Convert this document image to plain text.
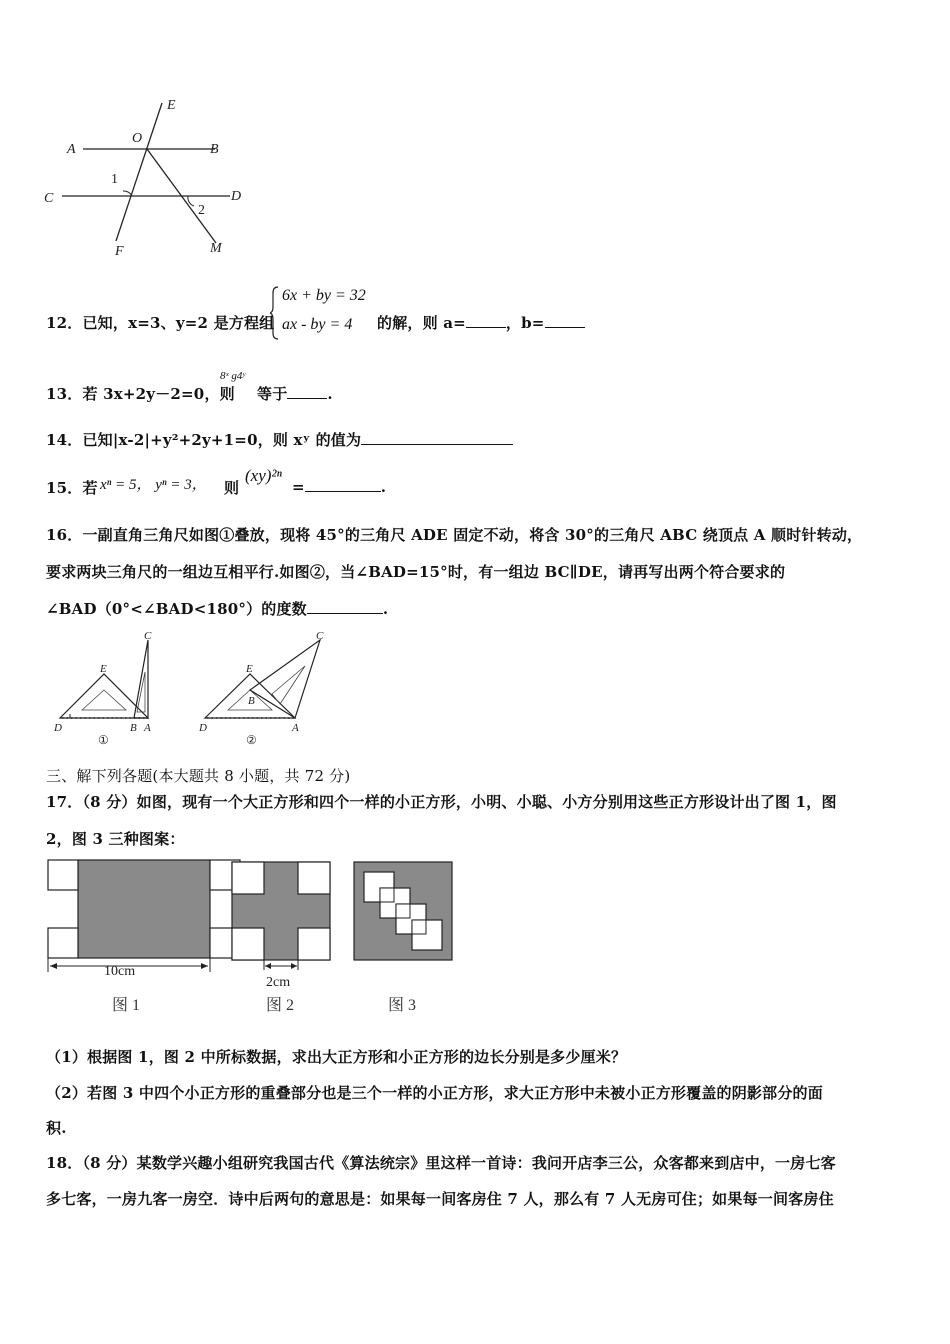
E
O
A	B
C	D
1
2
F	M
12．已知，x=3、y=2 是方程组
6x + by = 32
ax - by = 4 的解，则 a=	，b=
13．若 3x+2y－2=0，则
8ˣ g4ʸ
等于	.
14．已知|x-2|+y²+2y+1=0，则 xʸ 的值为
15．若 xⁿ = 5， yⁿ = 3， 则
(xy)²ⁿ
=	.
16．一副直角三角尺如图①叠放，现将 45°的三角尺 ADE 固定不动，将含 30°的三角尺 ABC 绕顶点 A 顺时针转动，
要求两块三角尺的一组边互相平行.如图②，当∠BAD=15°时，有一组边 BC∥DE，请再写出两个符合要求的
∠BAD（0°<∠BAD<180°）的度数	.
C
E
B
D	A
①
C
E
B
D	A
②
三、解下列各题(本大题共 8 小题，共 72 分)
17．（8 分）如图，现有一个大正方形和四个一样的小正方形，小明、小聪、小方分别用这些正方形设计出了图 1，图
2，图 3 三种图案：
10cm
图 1
2cm
图 2	图 3
（1）根据图 1，图 2 中所标数据，求出大正方形和小正方形的边长分别是多少厘米？
（2）若图 3 中四个小正方形的重叠部分也是三个一样的小正方形，求大正方形中未被小正方形覆盖的阴影部分的面
积.
18．（8 分）某数学兴趣小组研究我国古代《算法统宗》里这样一首诗：我问开店李三公，众客都来到店中，一房七客
多七客，一房九客一房空．诗中后两句的意思是：如果每一间客房住 7 人，那么有 7 人无房可住；如果每一间客房住
